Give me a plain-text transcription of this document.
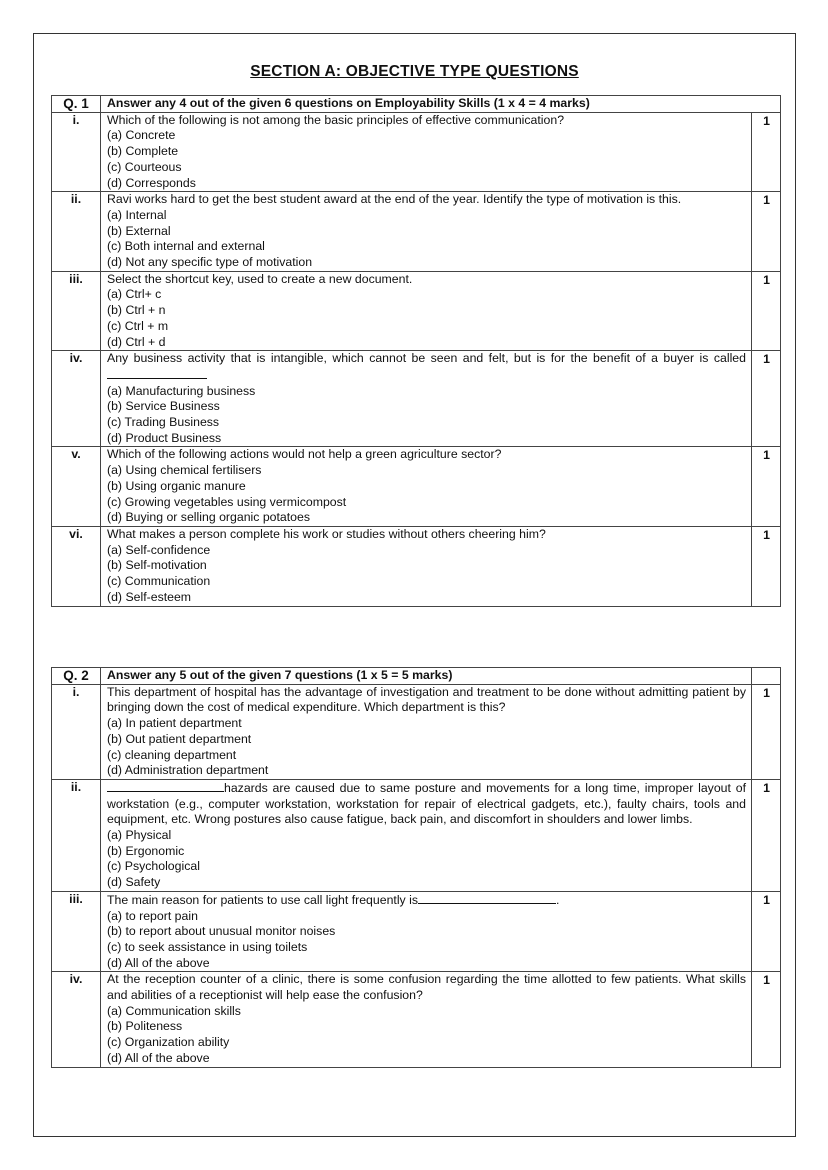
SECTION A: OBJECTIVE TYPE QUESTIONS
Q. 1	Answer any 4 out of the given 6 questions on Employability Skills (1 x 4 = 4 marks)	
i.	Which of the following is not among the basic principles of effective communication?
(a) Concrete
(b) Complete
(c) Courteous
(d) Corresponds	1
ii.	Ravi works hard to get the best student award at the end of the year. Identify the type of motivation is this.
(a) Internal
(b) External
(c) Both internal and external
(d) Not any specific type of motivation	1
iii.	Select the shortcut key, used to create a new document.
(a) Ctrl+ c
(b) Ctrl + n
(c) Ctrl + m
(d) Ctrl + d	1
iv.	Any business activity that is intangible, which cannot be seen and felt, but is for the benefit of a buyer is called
(a) Manufacturing business
(b) Service Business
(c) Trading Business
(d) Product Business	1
v.	Which of the following actions would not help a green agriculture sector?
(a) Using chemical fertilisers
(b) Using organic manure
(c) Growing vegetables using vermicompost
(d) Buying or selling organic potatoes	1
vi.	What makes a person complete his work or studies without others cheering him?
(a) Self-confidence
(b) Self-motivation
(c) Communication
(d) Self-esteem	1
Q. 2	Answer any 5 out of the given 7 questions (1 x 5 = 5 marks)	
i.	This department of hospital has the advantage of investigation and treatment to be done without admitting patient by bringing down the cost of medical expenditure. Which department is this?
(a) In patient department
(b) Out patient department
(c) cleaning department
(d) Administration department	1
ii.	hazards are caused due to same posture and movements for a long time, improper layout of workstation (e.g., computer workstation, workstation for repair of electrical gadgets, etc.), faulty chairs, tools and equipment, etc. Wrong postures also cause fatigue, back pain, and discomfort in shoulders and lower limbs.
(a) Physical
(b) Ergonomic
(c) Psychological
(d) Safety	1
iii.	The main reason for patients to use call light frequently is .
(a) to report pain
(b) to report about unusual monitor noises
(c) to seek assistance in using toilets
(d) All of the above	1
iv.	At the reception counter of a clinic, there is some confusion regarding the time allotted to few patients. What skills and abilities of a receptionist will help ease the confusion?
(a) Communication skills
(b) Politeness
(c) Organization ability
(d) All of the above	1
